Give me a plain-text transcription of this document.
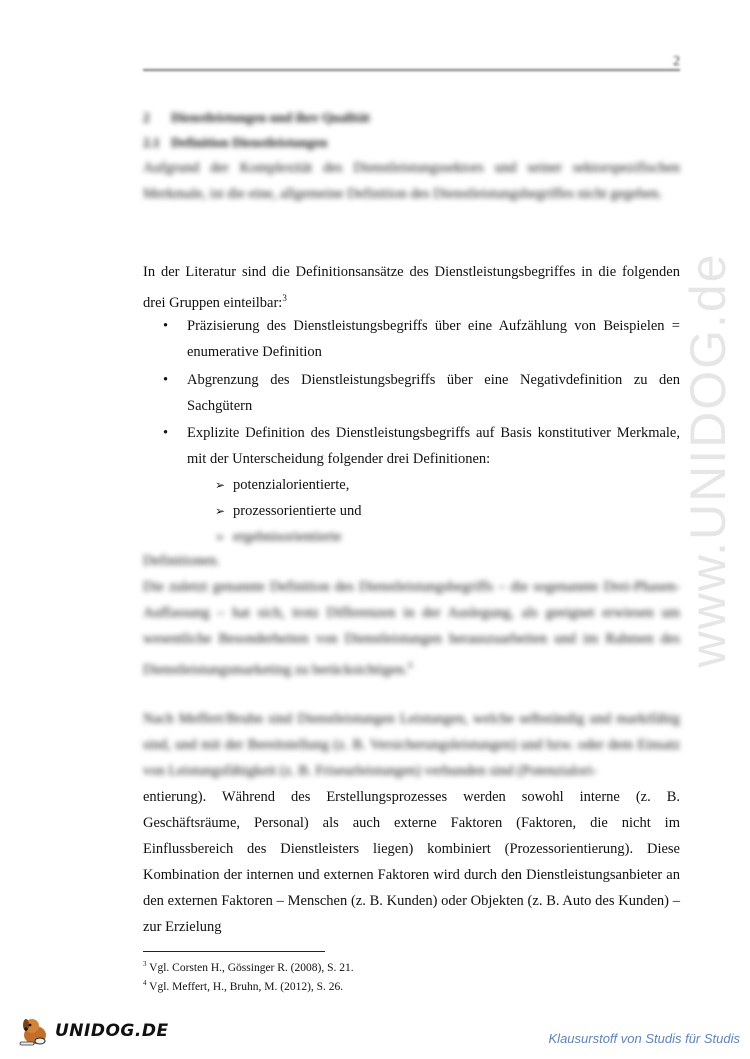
2
2 Dienstleistungen und ihre Qualität
2.1 Definition Dienstleistungen
Aufgrund der Komplexität des Dienstleistungssektors und seiner sektorspezifischen Merkmale, ist die eine, allgemeine Definition des Dienstleistungsbegriffes nicht gegeben.
In der Literatur sind die Definitionsansätze des Dienstleistungsbegriffes in die folgenden drei Gruppen einteilbar:$^3$
• Präzisierung des Dienstleistungsbegriffs über eine Aufzählung von Beispielen = enumerative Definition
• Abgrenzung des Dienstleistungsbegriffs über eine Negativdefinition zu den Sachgütern
• Explizite Definition des Dienstleistungsbegriffs auf Basis konstitutiver Merkmale, mit der Unterscheidung folgender drei Definitionen:
➢ potenzialorientierte,
➢ prozessorientierte und
➢ ergebnisorientierte
Definitionen.
Die zuletzt genannte Definition des Dienstleistungsbegriffs – die sogenannte Drei-Phasen-Auffassung – hat sich, trotz Differenzen in der Auslegung, als geeignet erwiesen um wesentliche Besonderheiten von Dienstleistungen herauszuarbeiten und im Rahmen des Dienstleistungsmarketing zu berücksichtigen.$^4$
Nach Meffert/Bruhn sind Dienstleistungen Leistungen, welche selbständig und marktfähig sind, und mit der Bereitstellung (z. B. Versicherungsleistungen) und bzw. oder dem Einsatz von Leistungsfähigkeit (z. B. Friseurleistungen) verbunden sind (Potenzialori-
entierung). Während des Erstellungsprozesses werden sowohl interne (z. B. Geschäftsräume, Personal) als auch externe Faktoren (Faktoren, die nicht im Einflussbereich des Dienstleisters liegen) kombiniert (Prozessorientierung). Diese Kombination der internen und externen Faktoren wird durch den Dienstleistungsanbieter an den externen Faktoren – Menschen (z. B. Kunden) oder Objekten (z. B. Auto des Kunden) – zur Erzielung
$^3$ Vgl. Corsten H., Gössinger R. (2008), S. 21.
$^4$ Vgl. Meffert, H., Bruhn, M. (2012), S. 26.
www.UNIDOG.de
UNIDOG.DE	Klausurstoff von Studis für Studis
